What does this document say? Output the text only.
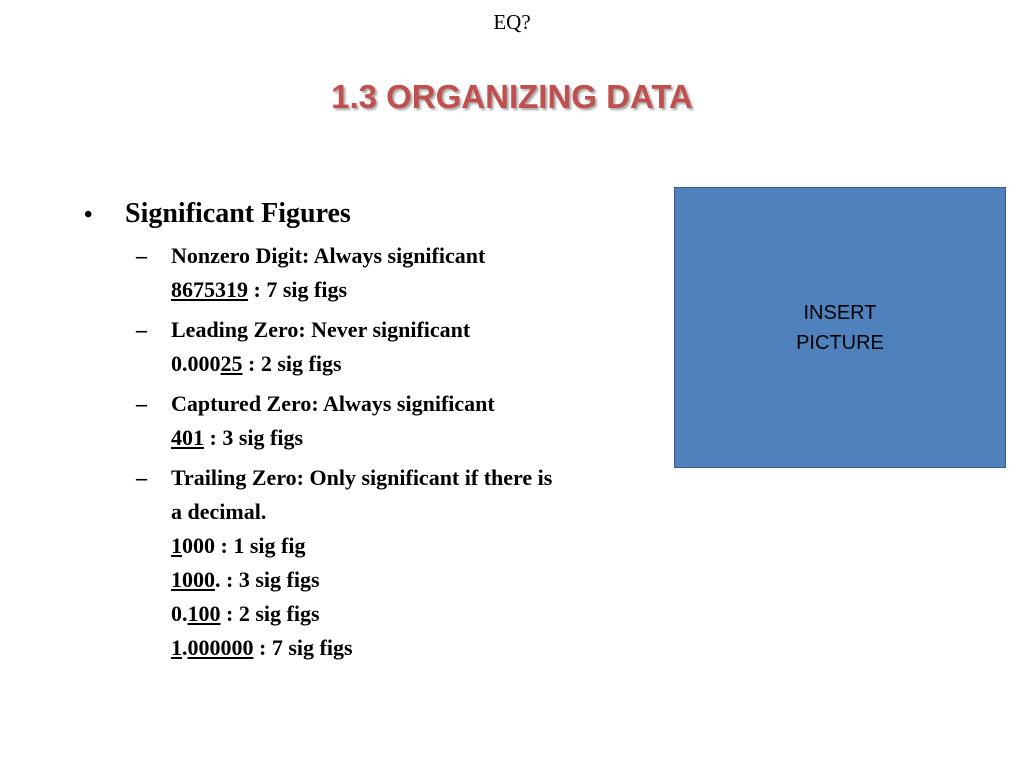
EQ?
1.3 ORGANIZING DATA
•	Significant Figures
–	Nonzero Digit: Always significant
8675319 : 7 sig figs
–	Leading Zero: Never significant
0.00025 : 2 sig figs
–	Captured Zero: Always significant
401 : 3 sig figs
–	Trailing Zero: Only significant if there is
a decimal.
1000 : 1 sig fig
1000. : 3 sig figs
0.100 : 2 sig figs
1.000000 : 7 sig figs
INSERT
PICTURE
